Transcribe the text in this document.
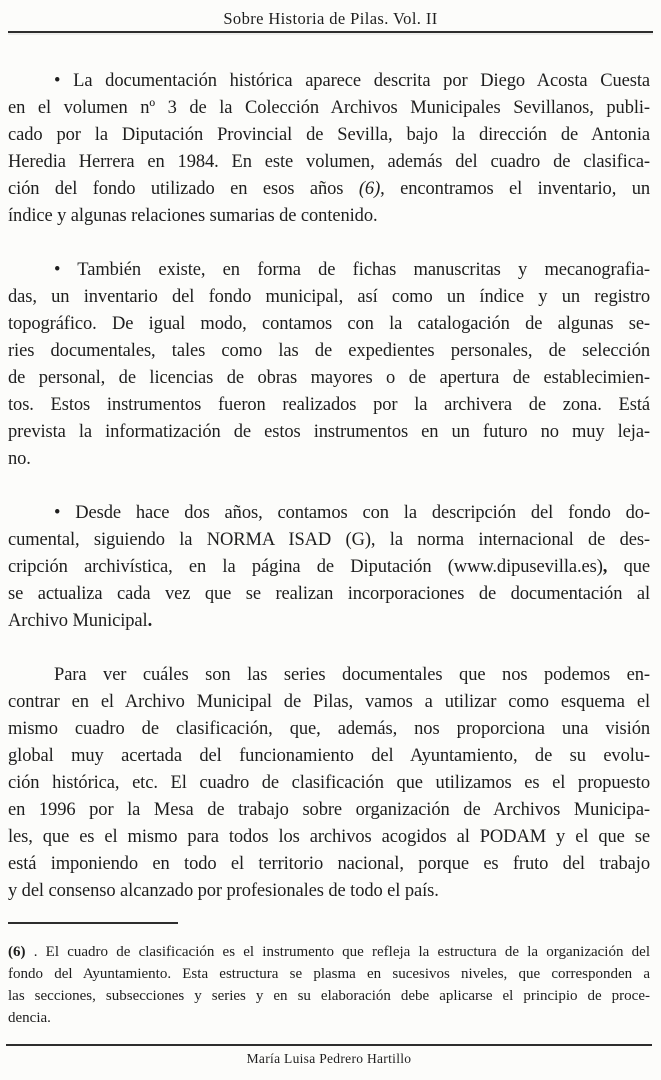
Sobre Historia de Pilas. Vol. II
• La documentación histórica aparece descrita por Diego Acosta Cuesta
en el volumen nº 3 de la Colección Archivos Municipales Sevillanos, publi-
cado por la Diputación Provincial de Sevilla, bajo la dirección de Antonia
Heredia Herrera en 1984. En este volumen, además del cuadro de clasifica-
ción del fondo utilizado en esos años (6), encontramos el inventario, un
índice y algunas relaciones sumarias de contenido.
• También existe, en forma de fichas manuscritas y mecanografia-
das, un inventario del fondo municipal, así como un índice y un registro
topográfico. De igual modo, contamos con la catalogación de algunas se-
ries documentales, tales como las de expedientes personales, de selección
de personal, de licencias de obras mayores o de apertura de establecimien-
tos. Estos instrumentos fueron realizados por la archivera de zona. Está
prevista la informatización de estos instrumentos en un futuro no muy leja-
no.
• Desde hace dos años, contamos con la descripción del fondo do-
cumental, siguiendo la NORMA ISAD (G), la norma internacional de des-
cripción archivística, en la página de Diputación (www.dipusevilla.es), que
se actualiza cada vez que se realizan incorporaciones de documentación al
Archivo Municipal.
Para ver cuáles son las series documentales que nos podemos en-
contrar en el Archivo Municipal de Pilas, vamos a utilizar como esquema el
mismo cuadro de clasificación, que, además, nos proporciona una visión
global muy acertada del funcionamiento del Ayuntamiento, de su evolu-
ción histórica, etc. El cuadro de clasificación que utilizamos es el propuesto
en 1996 por la Mesa de trabajo sobre organización de Archivos Municipa-
les, que es el mismo para todos los archivos acogidos al PODAM y el que se
está imponiendo en todo el territorio nacional, porque es fruto del trabajo
y del consenso alcanzado por profesionales de todo el país.
(6) . El cuadro de clasificación es el instrumento que refleja la estructura de la organización del
fondo del Ayuntamiento. Esta estructura se plasma en sucesivos niveles, que corresponden a
las secciones, subsecciones y series y en su elaboración debe aplicarse el principio de proce-
dencia.
María Luisa Pedrero Hartillo
